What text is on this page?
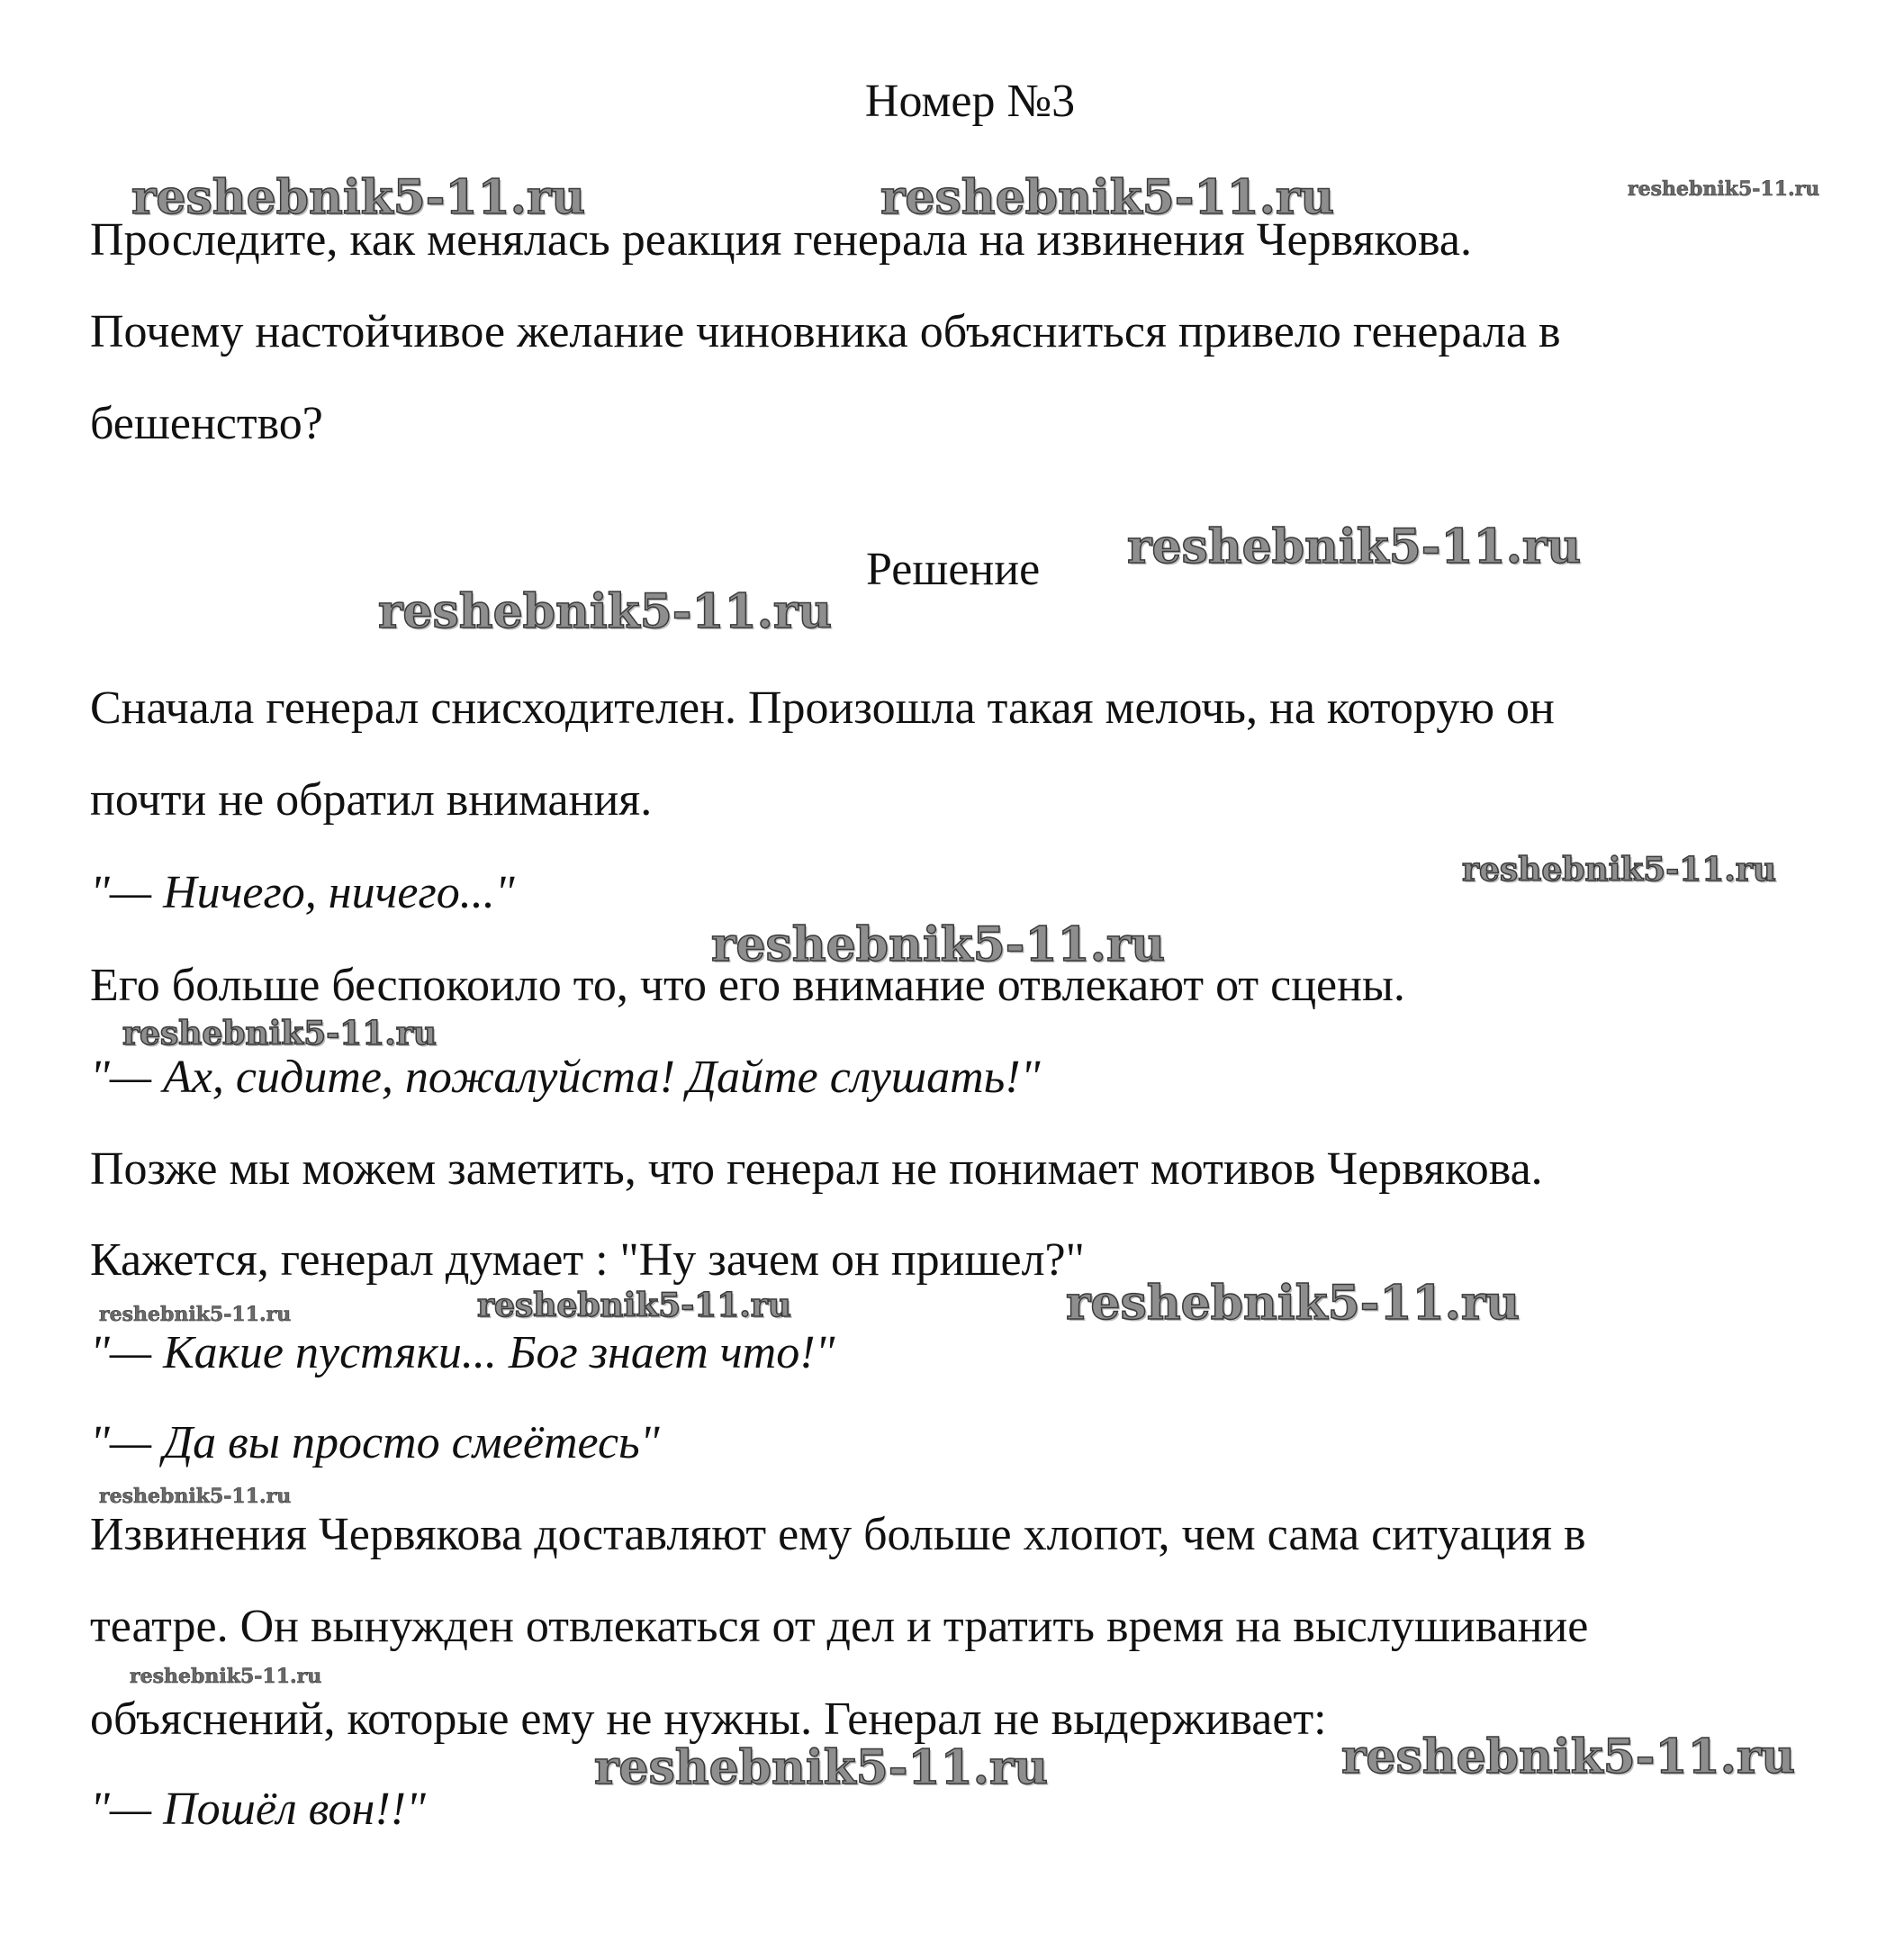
Номер №3
Проследите, как менялась реакция генерала на извинения Червякова.
Почему настойчивое желание чиновника объясниться привело генерала в
бешенство?
Решение
Сначала генерал снисходителен. Произошла такая мелочь, на которую он
почти не обратил внимания.
"— Ничего, ничего..."
Его больше беспокоило то, что его внимание отвлекают от сцены.
"— Ах, сидите, пожалуйста! Дайте слушать!"
Позже мы можем заметить, что генерал не понимает мотивов Червякова.
Кажется, генерал думает : "Ну зачем он пришел?"
"— Какие пустяки... Бог знает что!"
"— Да вы просто смеётесь"
Извинения Червякова доставляют ему больше хлопот, чем сама ситуация в
театре. Он вынужден отвлекаться от дел и тратить время на выслушивание
объяснений, которые ему не нужны. Генерал не выдерживает:
"— Пошёл вон!!"
reshebnik5-11.ru	reshebnik5-11.ru	reshebnik5-11.ru
reshebnik5-11.ru
reshebnik5-11.ru
reshebnik5-11.ru
reshebnik5-11.ru
reshebnik5-11.ru
reshebnik5-11.ru	reshebnik5-11.ru	reshebnik5-11.ru
reshebnik5-11.ru
reshebnik5-11.ru
reshebnik5-11.ru	reshebnik5-11.ru
